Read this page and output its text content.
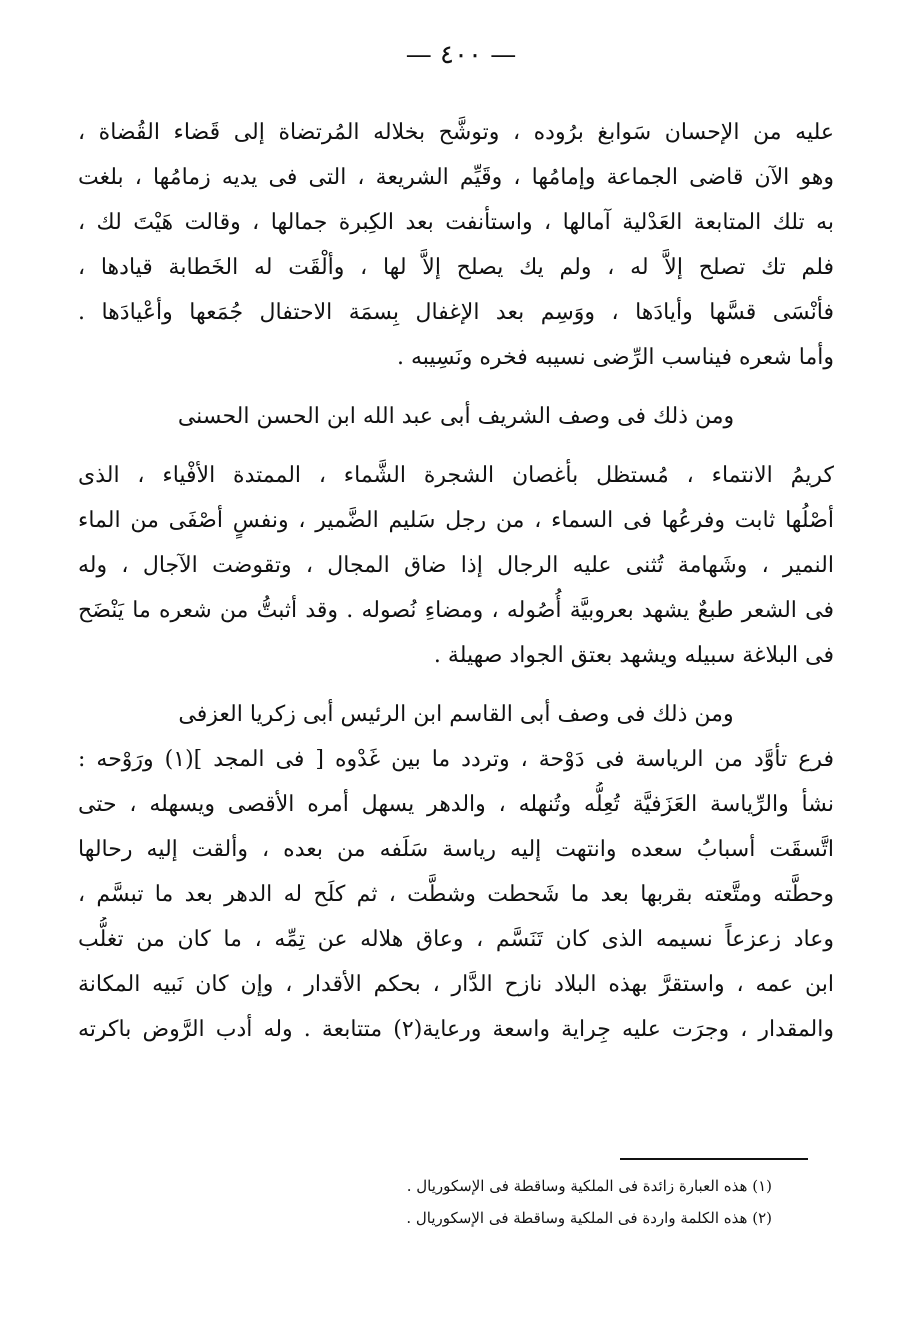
— ٤٠٠ —
عليه من الإحسان سَوابغ برُوده ، وتوشَّح بخلاله المُرتضاة إلى قَضاء القُضاة ،
وهو الآن قاضى الجماعة وإمامُها ، وقَيِّم الشريعة ، التى فى يديه زمامُها ، بلغت
به تلك المتابعة العَدْلية آمالها ، واستأنفت بعد الكِبرة جمالها ، وقالت هَيْتَ لك ،
فلم تك تصلح إلاَّ له ، ولم يك يصلح إلاَّ لها ، وألْقَت له الخَطابة قيادها ،
فأنْسَى قسَّها وأيادَها ، ووَسِم بعد الإغفال بِسمَة الاحتفال جُمَعها وأعْيادَها .
وأما شعره فيناسب الرِّضى نسيبه فخره ونَسِيبه .
ومن ذلك فى وصف الشريف أبى عبد الله ابن الحسن الحسنى
كريمُ الانتماء ، مُستظل بأغصان الشجرة الشَّماء ، الممتدة الأفْياء ، الذى
أصْلُها ثابت وفرعُها فى السماء ، من رجل سَليم الضَّمير ، ونفسٍ أصْفَى من الماء
النمير ، وشَهامة تُثنى عليه الرجال إذا ضاق المجال ، وتقوضت الآجال ، وله
فى الشعر طبعٌ يشهد بعروبيَّة أُصُوله ، ومضاءِ نُصوله . وقد أثبتُّ من شعره ما يَنْضَح
فى البلاغة سبيله ويشهد بعتق الجواد صهيلة .
ومن ذلك فى وصف أبى القاسم ابن الرئيس أبى زكريا العزفى
فرع تأوَّد من الرياسة فى دَوْحة ، وتردد ما بين غَدْوه [ فى المجد ](١) ورَوْحه :
نشأ والرِّياسة العَزَفيَّة تُعِلُّه وتُنهله ، والدهر يسهل أمره الأقصى ويسهله ، حتى
اتَّسقَت أسبابُ سعده وانتهت إليه رياسة سَلَفه من بعده ، وألقت إليه رحالها
وحطَّته ومتَّعته بقربها بعد ما شَحطت وشطَّت ، ثم كلَح له الدهر بعد ما تبسَّم ،
وعاد زعزعاً نسيمه الذى كان تَنَسَّم ، وعاق هلاله عن تِمِّه ، ما كان من تغلُّب
ابن عمه ، واستقرَّ بهذه البلاد نازح الدَّار ، بحكم الأقدار ، وإن كان نَبيه المكانة
والمقدار ، وجرَت عليه جِراية واسعة ورعاية(٢) متتابعة . وله أدب الرَّوض باكرته
(١) هذه العبارة زائدة فى الملكية وساقطة فى الإسكوريال .
(٢) هذه الكلمة واردة فى الملكية وساقطة فى الإسكوريال .
